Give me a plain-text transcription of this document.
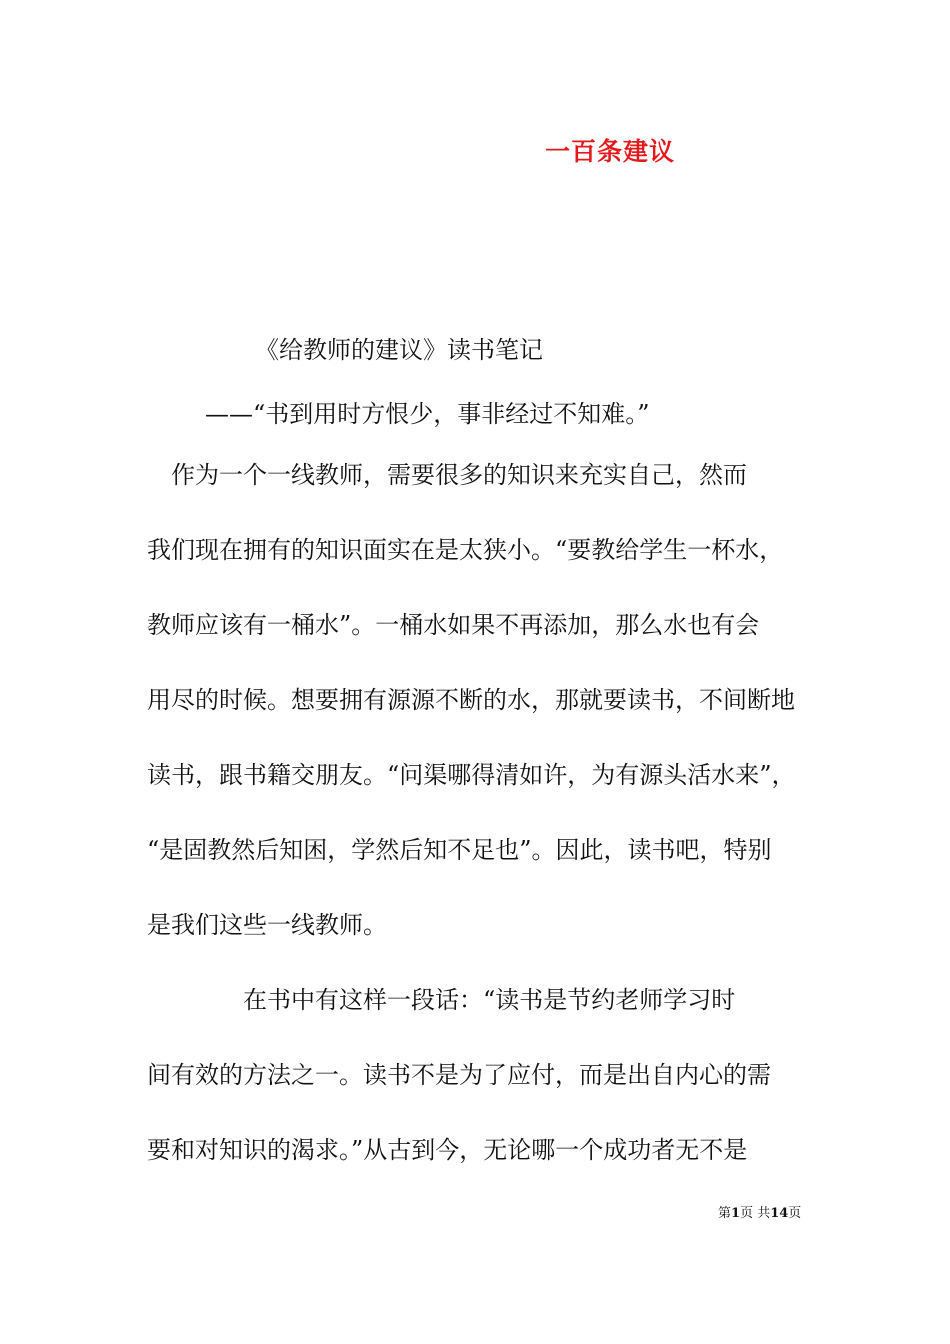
一百条建议
《给教师的建议》读书笔记
——“书到用时方恨少，事非经过不知难。”
　作为一个一线教师，需要很多的知识来充实自己，然而
我们现在拥有的知识面实在是太狭小。“要教给学生一杯水，
教师应该有一桶水”。一桶水如果不再添加，那么水也有会
用尽的时候。想要拥有源源不断的水，那就要读书，不间断地
读书，跟书籍交朋友。“问渠哪得清如许，为有源头活水来”，
“是固教然后知困，学然后知不足也”。因此，读书吧，特别
是我们这些一线教师。
　　　　在书中有这样一段话：“读书是节约老师学习时
间有效的方法之一。读书不是为了应付，而是出自内心的需
要和对知识的渴求。”从古到今，无论哪一个成功者无不是
第1页 共14页
